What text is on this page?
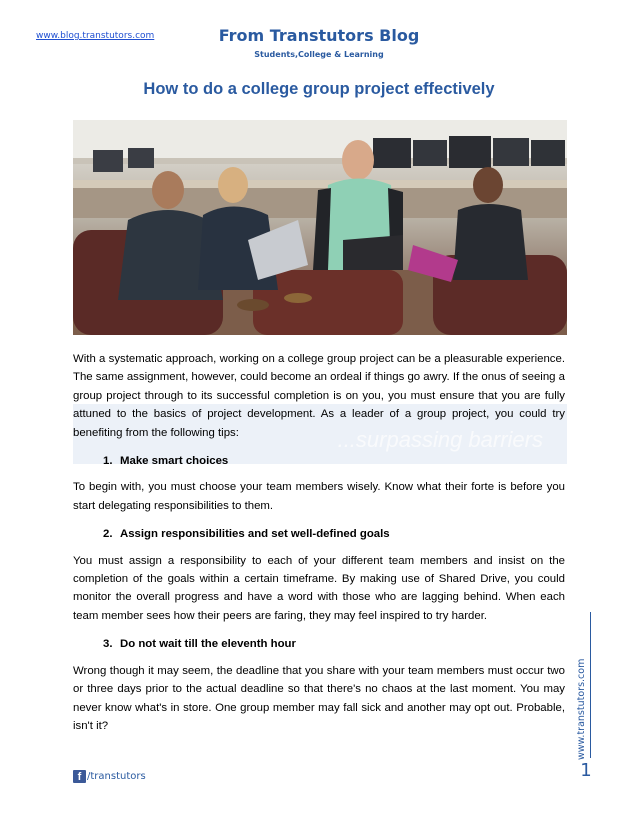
www.blog.transtutors.com	From Transtutors Blog
Students,College & Learning
How to do a college group project effectively
...surpassing barriers

With a systematic approach, working on a college group project can be a pleasurable experience. The same assignment, however, could become an ordeal if things go awry. If the onus of seeing a group project through to its successful completion is on you, you must ensure that you are fully attuned to the basics of project development. As a leader of a group project, you could try benefiting from the following tips:

1. Make smart choices

To begin with, you must choose your team members wisely. Know what their forte is before you start delegating responsibilities to them.

2. Assign responsibilities and set well-defined goals

You must assign a responsibility to each of your different team members and insist on the completion of the goals within a certain timeframe. By making use of Shared Drive, you could monitor the overall progress and have a word with those who are lagging behind. When each team member sees how their peers are faring, they may feel inspired to try harder.

3. Do not wait till the eleventh hour

Wrong though it may seem, the deadline that you share with your team members must occur two or three days prior to the actual deadline so that there's no chaos at the last moment. You may never know what's in store. One group member may fall sick and another may opt out. Probable, isn't it?	www.transtutors.com
1
f /transtutors
